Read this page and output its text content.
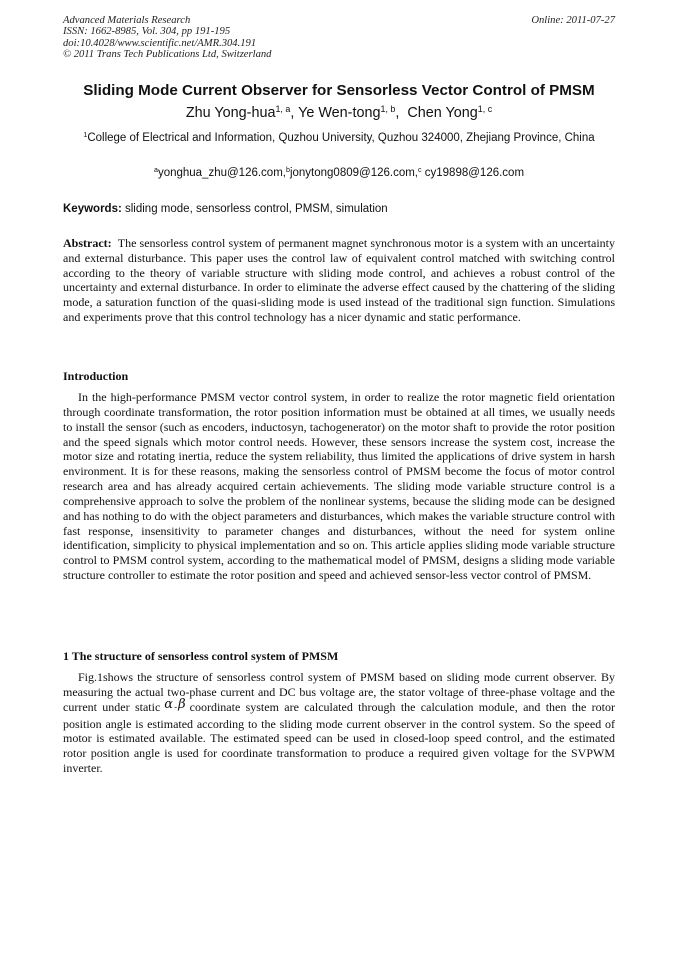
Advanced Materials Research
ISSN: 1662-8985, Vol. 304, pp 191-195
doi:10.4028/www.scientific.net/AMR.304.191
© 2011 Trans Tech Publications Ltd, Switzerland
Online: 2011-07-27
Sliding Mode Current Observer for Sensorless Vector Control of PMSM
Zhu Yong-hua$^{1, a}$, Ye Wen-tong$^{1, b}$,  Chen Yong$^{1, c}$
$^1$College of Electrical and Information, Quzhou University, Quzhou 324000, Zhejiang Province, China
$^a$yonghua_zhu@126.com,$^b$jonytong0809@126.com,$^c$ cy19898@126.com
Keywords: sliding mode, sensorless control, PMSM, simulation
Abstract: The sensorless control system of permanent magnet synchronous motor is a system with an uncertainty and external disturbance. This paper uses the control law of equivalent control matched with switching control according to the theory of variable structure with sliding mode control, and achieves a robust control of the uncertainty and external disturbance. In order to eliminate the adverse effect caused by the chattering of the sliding mode, a saturation function of the quasi-sliding mode is used instead of the traditional sign function. Simulations and experiments prove that this control technology has a nicer dynamic and static performance.
Introduction
In the high-performance PMSM vector control system, in order to realize the rotor magnetic field orientation through coordinate transformation, the rotor position information must be obtained at all times, we usually needs to install the sensor (such as encoders, inductosyn, tachogenerator) on the motor shaft to provide the rotor position and the speed signals which motor control needs. However, these sensors increase the system cost, increase the motor size and rotating inertia, reduce the system reliability, thus limited the applications of drive system in harsh environment. It is for these reasons, making the sensorless control of PMSM become the focus of motor control research area and has already acquired certain achievements. The sliding mode variable structure control is a comprehensive approach to solve the problem of the nonlinear systems, because the sliding mode can be designed and has nothing to do with the object parameters and disturbances, which makes the variable structure control with fast response, insensitivity to parameter changes and disturbances, without the need for system online identification, simplicity to physical implementation and so on. This article applies sliding mode variable structure control to PMSM control system, according to the mathematical model of PMSM, designs a sliding mode variable structure controller to estimate the rotor position and speed and achieved sensor-less vector control of PMSM.
1 The structure of sensorless control system of PMSM
Fig.1shows the structure of sensorless control system of PMSM based on sliding mode current observer. By measuring the actual two-phase current and DC bus voltage are, the stator voltage of three-phase voltage and the current under static α-β coordinate system are calculated through the calculation module, and then the rotor position angle is estimated according to the sliding mode current observer in the control system. So the speed of motor is estimated available. The estimated speed can be used in closed-loop speed control, and the estimated rotor position angle is used for coordinate transformation to produce a required given voltage for the SVPWM inverter.
